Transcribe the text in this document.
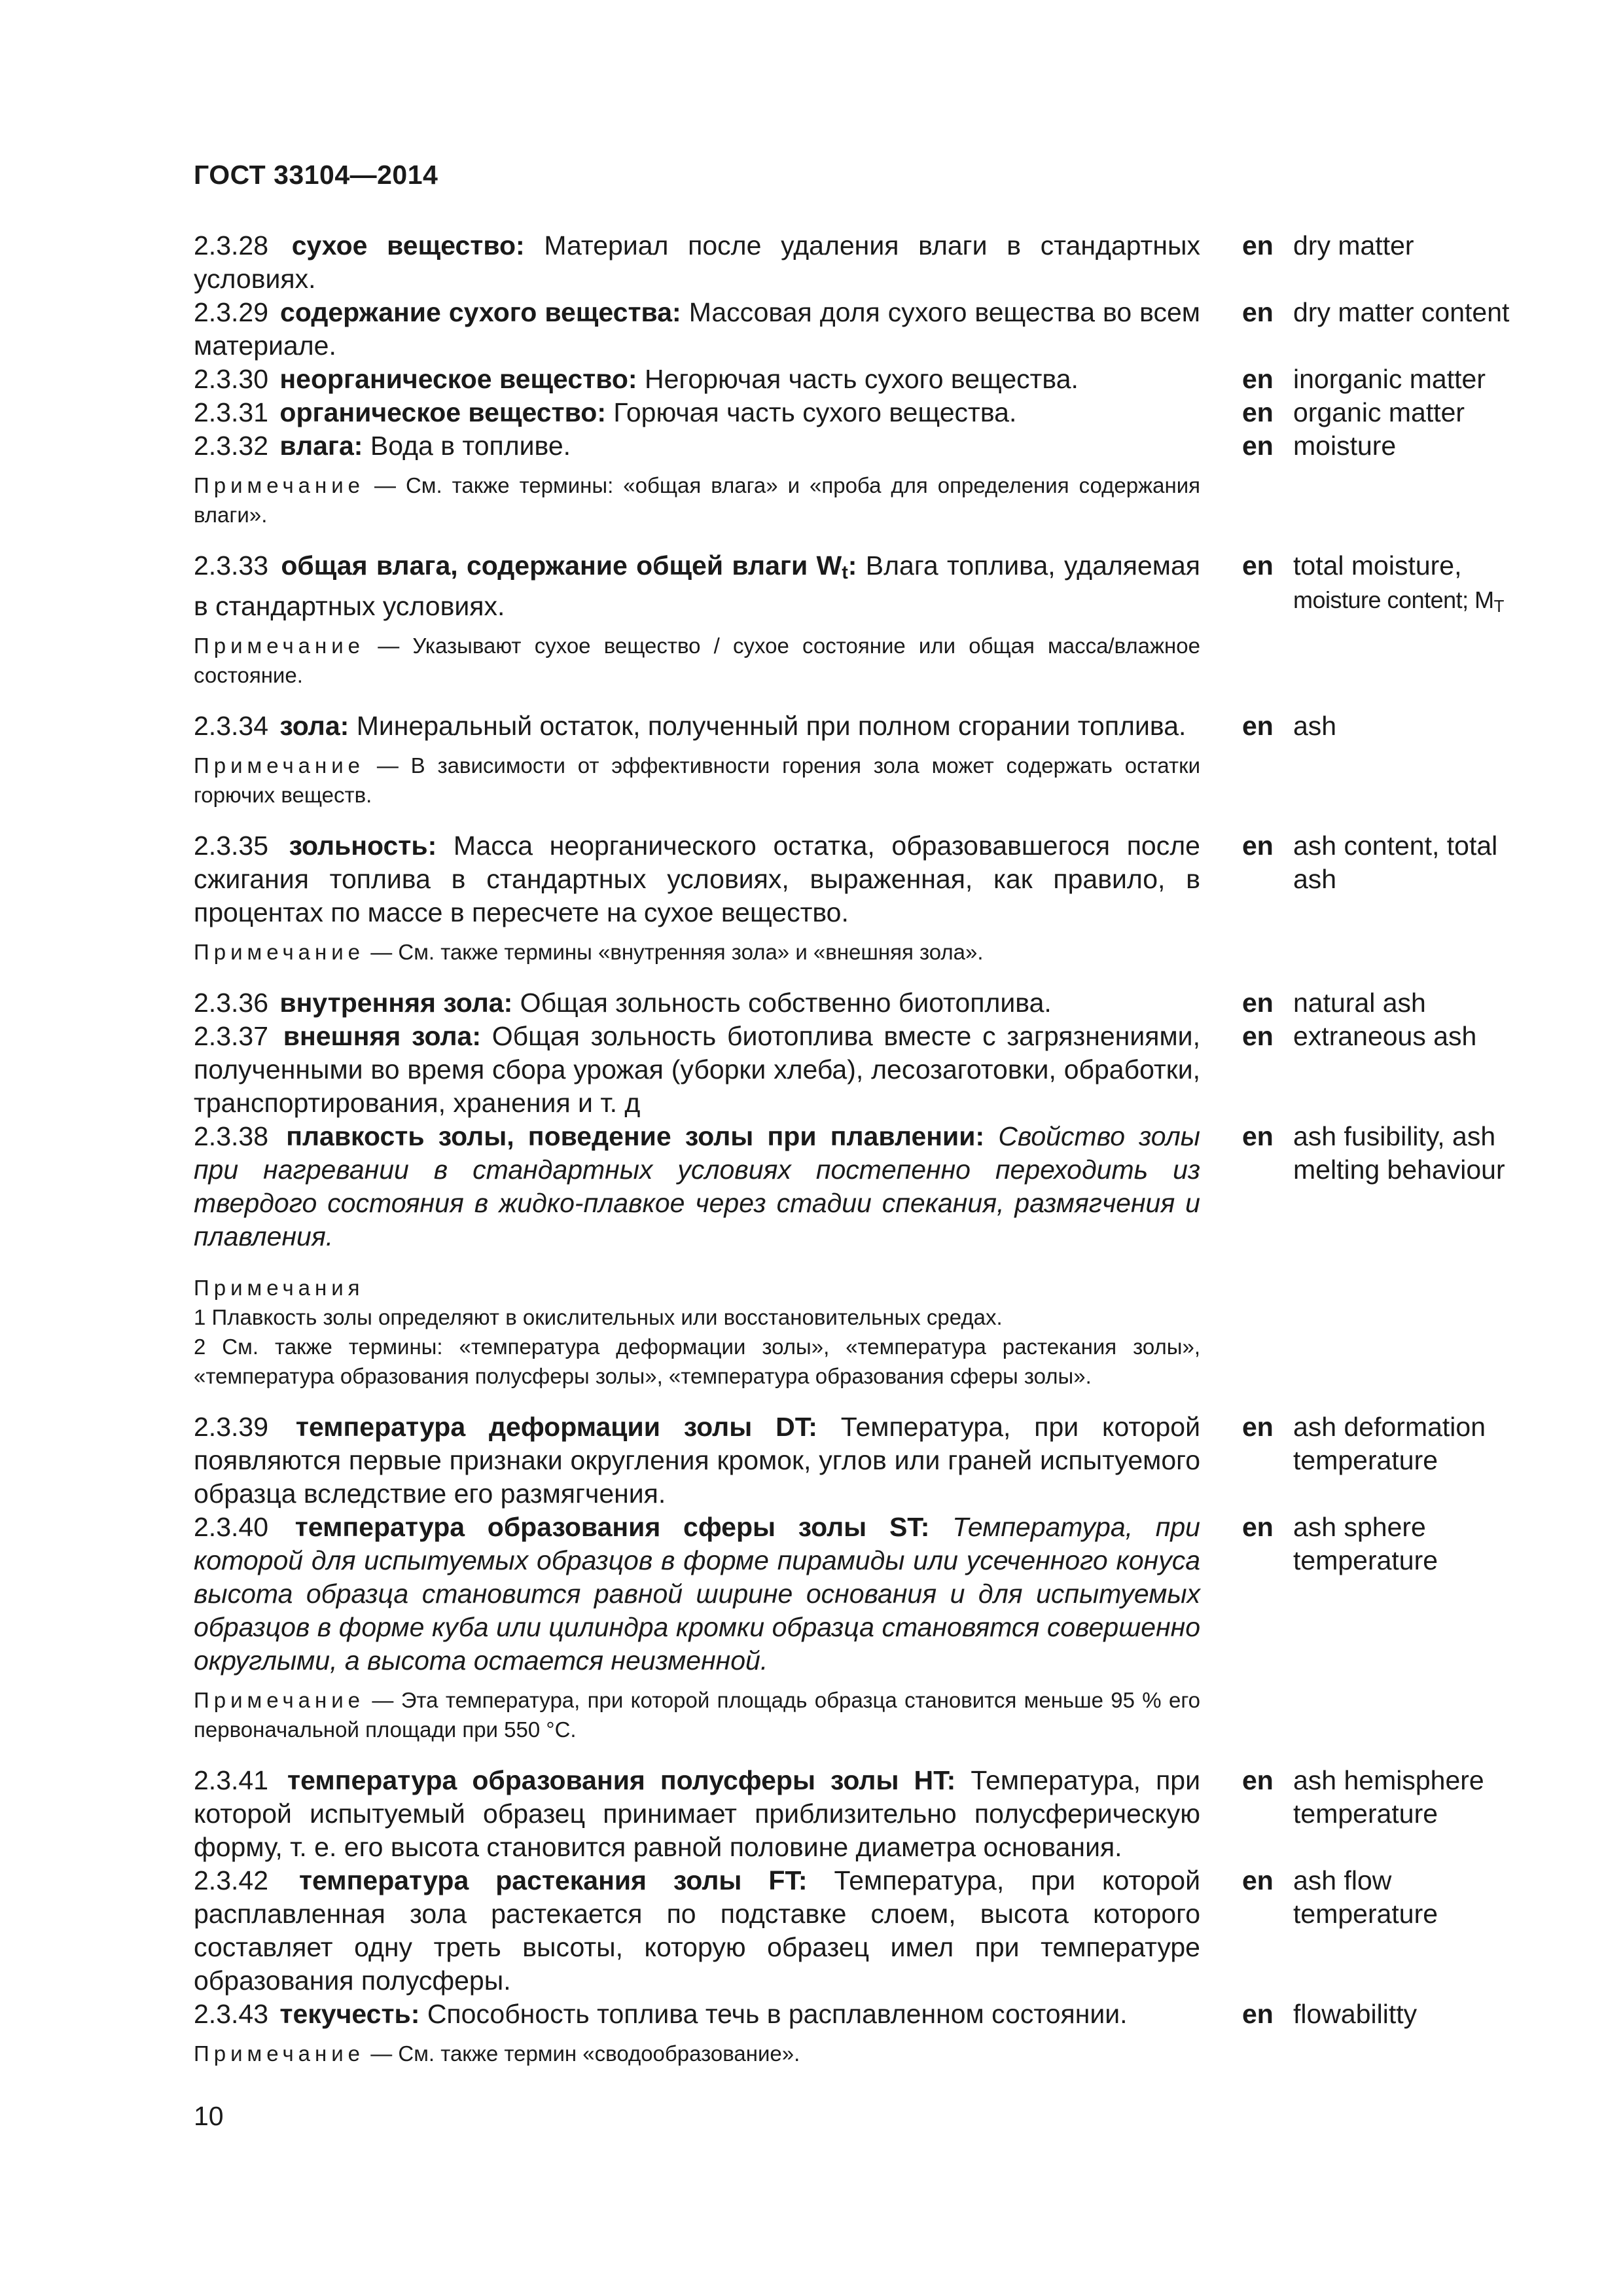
ГОСТ 33104—2014
2.3.28 сухое вещество: Материал после удаления влаги в стандартных условиях.
en dry matter
2.3.29 содержание сухого вещества: Массовая доля сухого вещества во всем материале.
en dry matter content
2.3.30 неорганическое вещество: Негорючая часть сухого вещества.	en inorganic matter
2.3.31 органическое вещество: Горючая часть сухого вещества.	en organic matter
2.3.32 влага: Вода в топливе.	en moisture
Примечание — См. также термины: «общая влага» и «проба для определения содержания влаги».
2.3.33 общая влага, содержание общей влаги $W_t$: Влага топлива, удаляемая в стандартных условиях.
en total moisture,
moisture content; $M_T$
Примечание — Указывают сухое вещество / сухое состояние или общая масса/влажное состояние.
2.3.34 зола: Минеральный остаток, полученный при полном сгорании топлива.	en ash
Примечание — В зависимости от эффективности горения зола может содержать остатки горючих веществ.
2.3.35 зольность: Масса неорганического остатка, образовавшегося после сжигания топлива в стандартных условиях, выраженная, как правило, в процентах по массе в пересчете на сухое вещество.
en ash content, total ash
Примечание — См. также термины «внутренняя зола» и «внешняя зола».
2.3.36 внутренняя зола: Общая зольность собственно биотоплива.	en natural ash
2.3.37 внешняя зола: Общая зольность биотоплива вместе с загрязнениями, полученными во время сбора урожая (уборки хлеба), лесозаготовки, обработки, транспортирования, хранения и т. д
en extraneous ash
2.3.38 плавкость золы, поведение золы при плавлении: Свойство золы при нагревании в стандартных условиях постепенно переходить из твердого состояния в жидко-плавкое через стадии спекания, размягчения и плавления.
en ash fusibility, ash melting behaviour
Примечания
1 Плавкость золы определяют в окислительных или восстановительных средах.
2 См. также термины: «температура деформации золы», «температура растекания золы», «температура образования полусферы золы», «температура образования сферы золы».
2.3.39 температура деформации золы DT: Температура, при которой появляются первые признаки округления кромок, углов или граней испытуемого образца вследствие его размягчения.
en ash deformation temperature
2.3.40 температура образования сферы золы ST: Температура, при которой для испытуемых образцов в форме пирамиды или усеченного конуса высота образца становится равной ширине основания и для испытуемых образцов в форме куба или цилиндра кромки образца становятся совершенно округлыми, а высота остается неизменной.
en ash sphere temperature
Примечание — Эта температура, при которой площадь образца становится меньше 95 % его первоначальной площади при 550 °С.
2.3.41 температура образования полусферы золы HT: Температура, при которой испытуемый образец принимает приблизительно полусферическую форму, т. е. его высота становится равной половине диаметра основания.
en ash hemisphere temperature
2.3.42 температура растекания золы FT: Температура, при которой расплавленная зола растекается по подставке слоем, высота которого составляет одну треть высоты, которую образец имел при температуре образования полусферы.
en ash flow temperature
2.3.43 текучесть: Способность топлива течь в расплавленном состоянии.	en flowabilitty
Примечание — См. также термин «сводообразование».
10
